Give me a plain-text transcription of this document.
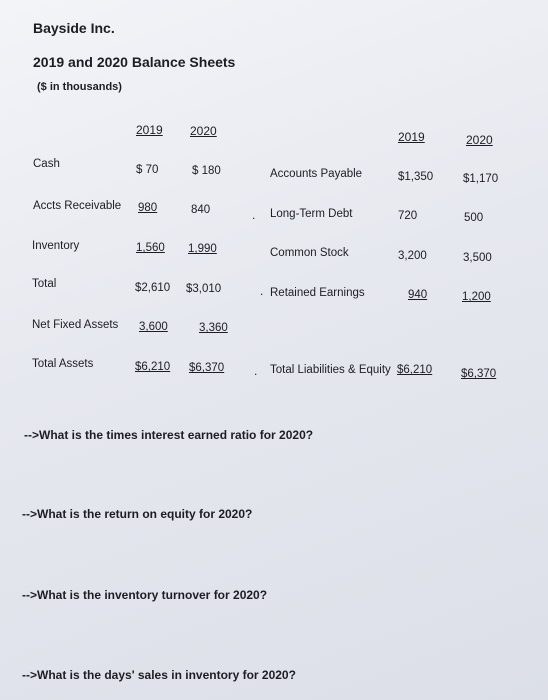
Bayside Inc.
2019 and 2020 Balance Sheets
($ in thousands)
2019 2020	2019	2020
Cash	$ 70	$ 180
Accts Receivable 980	840
Inventory	1,560 1,990
Total	$2,610 $3,010
Net Fixed Assets 3,600	3,360
Total Assets	$6,210 $6,370
.
.
.
Accounts Payable	$1,350	$1,170
Long-Term Debt	720	500
Common Stock	3,200	3,500
Retained Earnings	940	1,200
Total Liabilities & Equity $6,210	$6,370
-->What is the times interest earned ratio for 2020?
-->What is the return on equity for 2020?
-->What is the inventory turnover for 2020?
-->What is the days' sales in inventory for 2020?
